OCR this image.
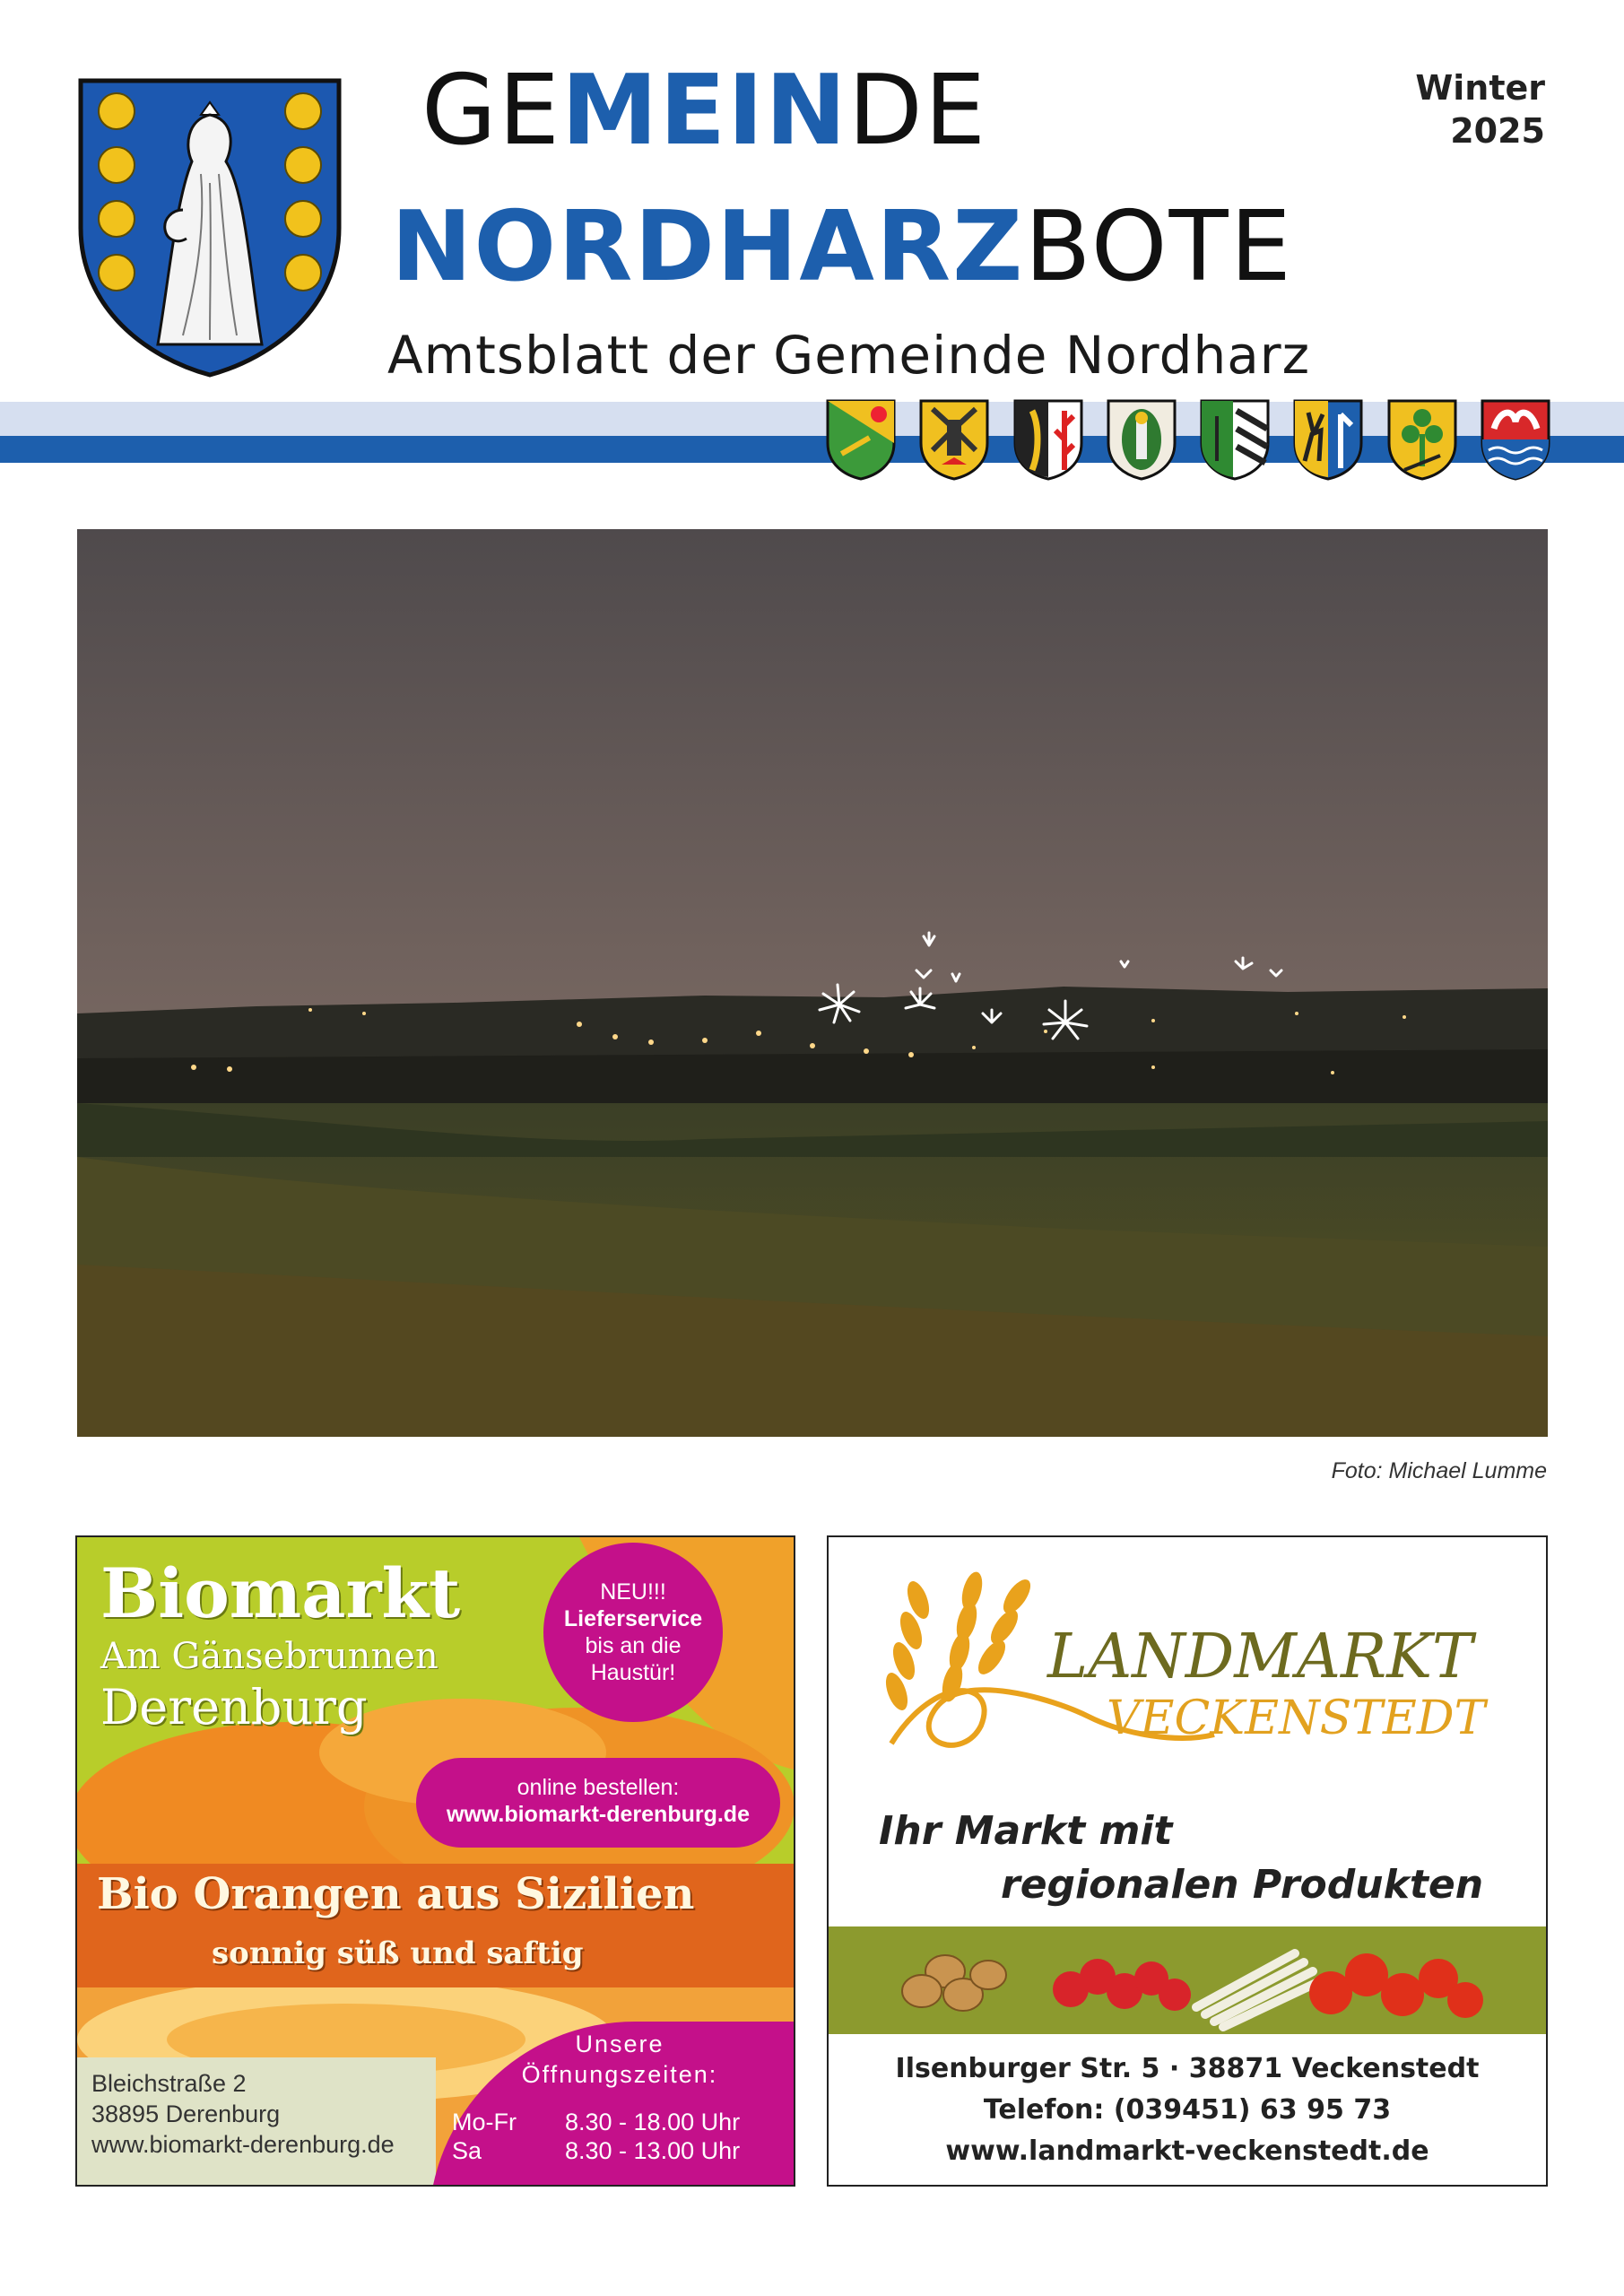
GEMEINDE
NORDHARZBOTE
Amtsblatt der Gemeinde Nordharz
Winter
2025
Foto: Michael Lumme
Biomarkt
Am Gänsebrunnen
Derenburg
NEU!!!
Lieferservice
bis an die
Haustür!
online bestellen:
www.biomarkt-derenburg.de
Bio Orangen aus Sizilien
sonnig süß und saftig
Bleichstraße 2
38895 Derenburg
www.biomarkt-derenburg.de
Unsere
Öffnungszeiten:
Mo-Fr	8.30 - 18.00 Uhr
Sa	8.30 - 13.00 Uhr
LANDMARKT
VECKENSTEDT
Ihr Markt mit
regionalen Produkten
Ilsenburger Str. 5 · 38871 Veckenstedt
Telefon: (039451) 63 95 73
www.landmarkt-veckenstedt.de
